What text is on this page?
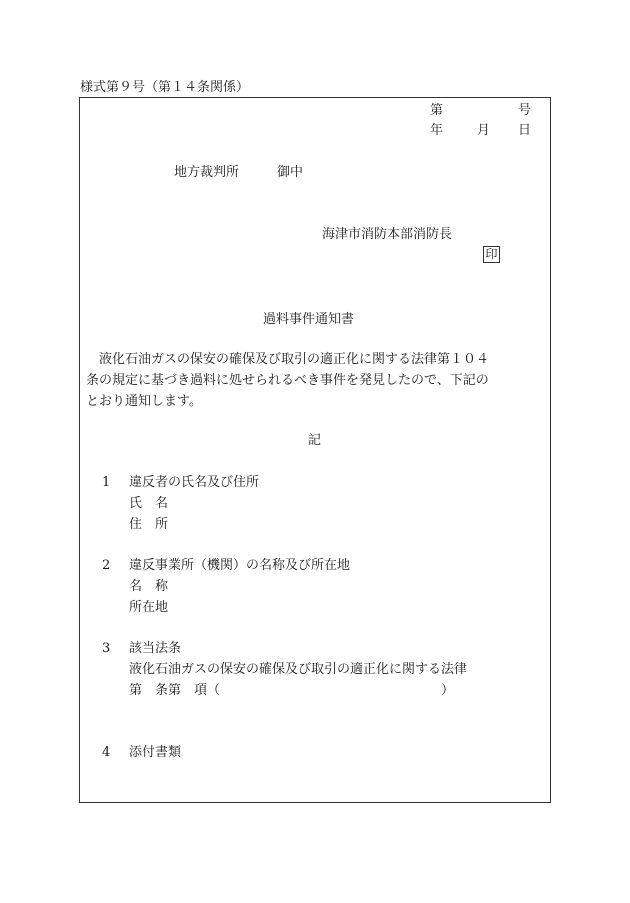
様式第９号（第１４条関係）
第	号
年	月 日
地方裁判所	御中
海津市消防本部消防長
印
過料事件通知書
　液化石油ガスの保安の確保及び取引の適正化に関する法律第１０４
条の規定に基づき過料に処せられるべき事件を発見したので、下記の
とおり通知します。
記
1 違反者の氏名及び住所
氏　名
住　所
2 違反事業所（機関）の名称及び所在地
名　称
所在地
3 該当法条
液化石油ガスの保安の確保及び取引の適正化に関する法律
第　条第　項（　　　　　　　　　　　　　　　　　）
4 添付書類
